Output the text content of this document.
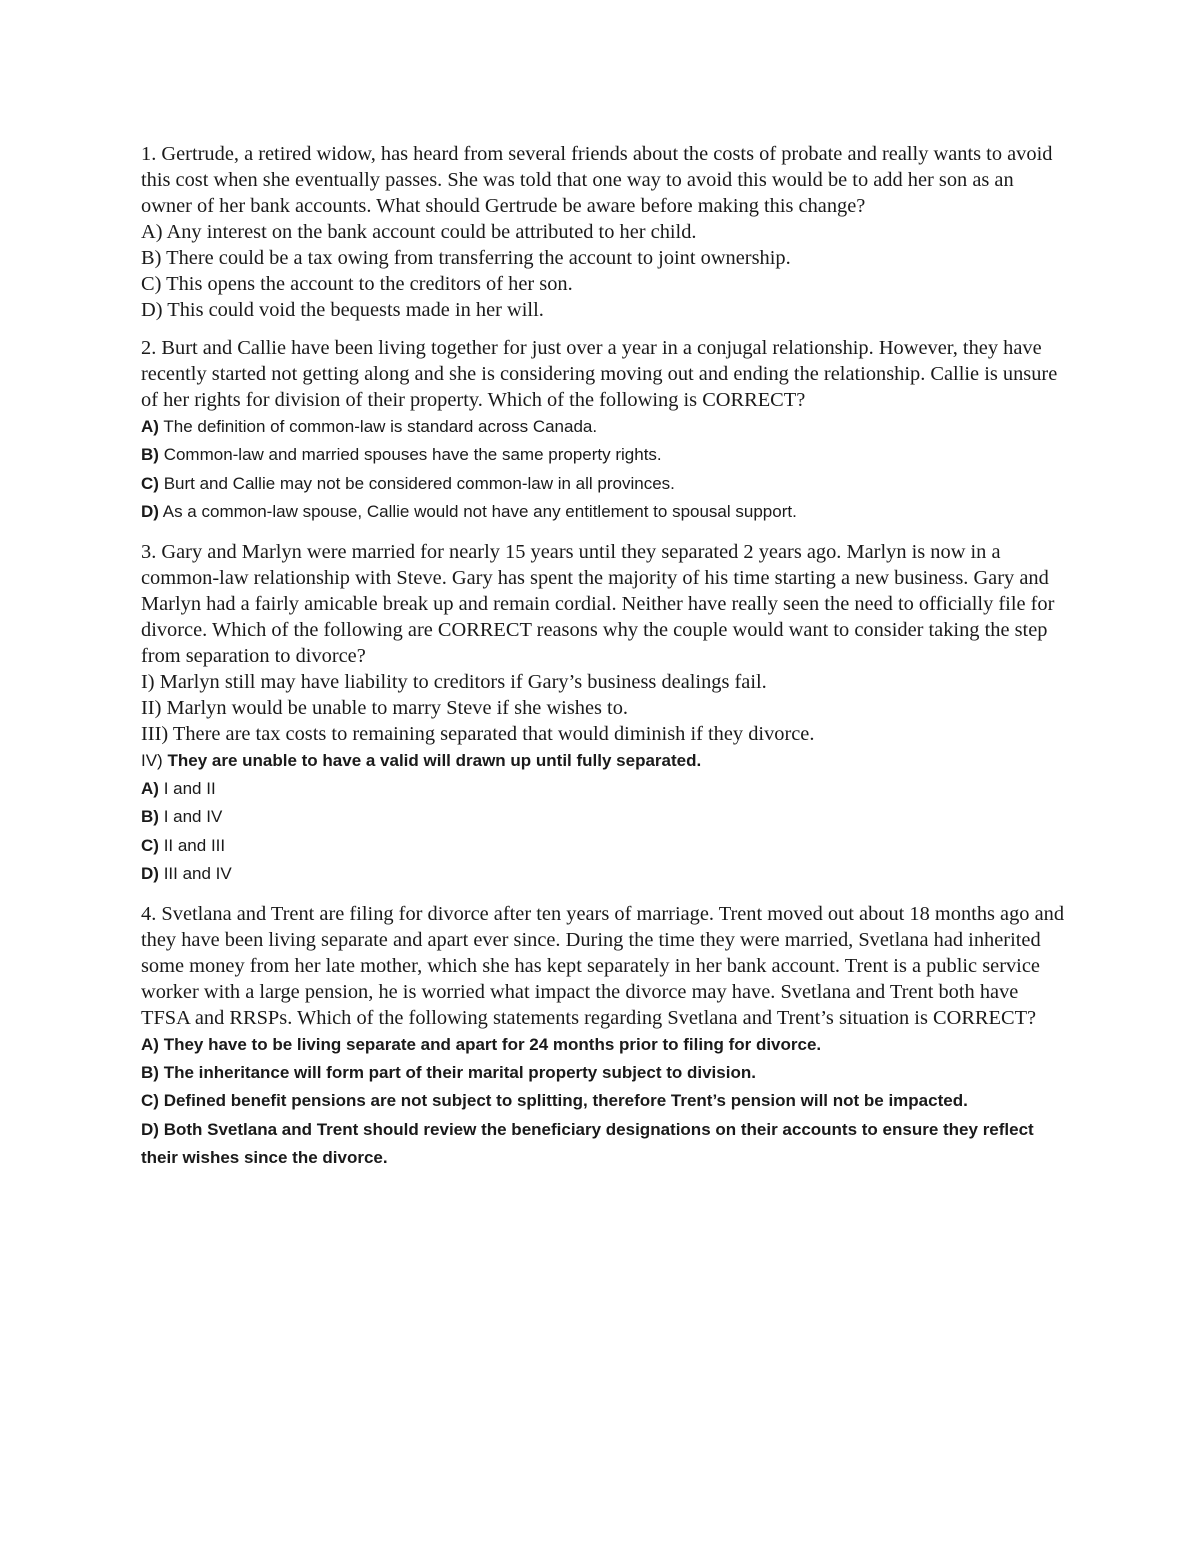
1. Gertrude, a retired widow, has heard from several friends about the costs of probate and really wants to avoid this cost when she eventually passes. She was told that one way to avoid this would be to add her son as an owner of her bank accounts. What should Gertrude be aware before making this change?

A) Any interest on the bank account could be attributed to her child.

B) There could be a tax owing from transferring the account to joint ownership.

C) This opens the account to the creditors of her son.

D) This could void the bequests made in her will.

2. Burt and Callie have been living together for just over a year in a conjugal relationship. However, they have recently started not getting along and she is considering moving out and ending the relationship. Callie is unsure of her rights for division of their property. Which of the following is CORRECT?

A) The definition of common-law is standard across Canada.

B) Common-law and married spouses have the same property rights.

C) Burt and Callie may not be considered common-law in all provinces.

D) As a common-law spouse, Callie would not have any entitlement to spousal support.

3. Gary and Marlyn were married for nearly 15 years until they separated 2 years ago. Marlyn is now in a common-law relationship with Steve. Gary has spent the majority of his time starting a new business. Gary and Marlyn had a fairly amicable break up and remain cordial. Neither have really seen the need to officially file for divorce. Which of the following are CORRECT reasons why the couple would want to consider taking the step from separation to divorce?

I) Marlyn still may have liability to creditors if Gary’s business dealings fail.

II) Marlyn would be unable to marry Steve if she wishes to.

III) There are tax costs to remaining separated that would diminish if they divorce.

IV) They are unable to have a valid will drawn up until fully separated.

A) I and II

B) I and IV

C) II and III

D) III and IV

4. Svetlana and Trent are filing for divorce after ten years of marriage. Trent moved out about 18 months ago and they have been living separate and apart ever since. During the time they were married, Svetlana had inherited some money from her late mother, which she has kept separately in her bank account. Trent is a public service worker with a large pension, he is worried what impact the divorce may have. Svetlana and Trent both have TFSA and RRSPs. Which of the following statements regarding Svetlana and Trent’s situation is CORRECT?

A) They have to be living separate and apart for 24 months prior to filing for divorce.

B) The inheritance will form part of their marital property subject to division.

C) Defined benefit pensions are not subject to splitting, therefore Trent’s pension will not be impacted.

D) Both Svetlana and Trent should review the beneficiary designations on their accounts to ensure they reflect their wishes since the divorce.
